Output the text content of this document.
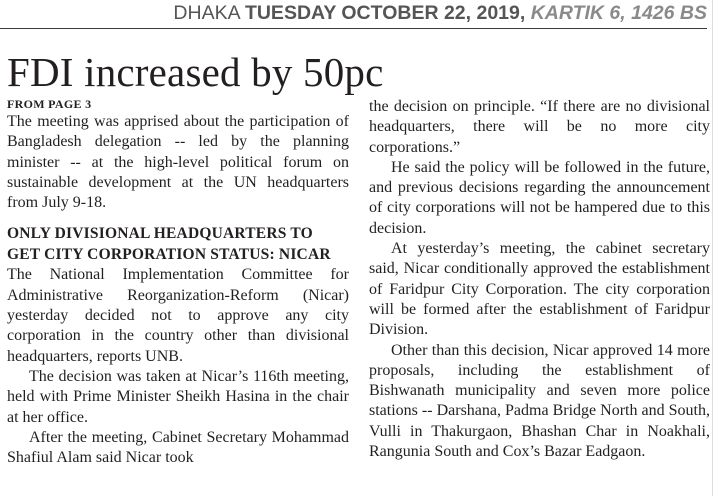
DHAKA TUESDAY OCTOBER 22, 2019, KARTIK 6, 1426 BS
FDI increased by 50pc
FROM PAGE 3

The meeting was apprised about the participation of Bangladesh delegation -- led by the planning minister -- at the high-level political forum on sustainable development at the UN headquarters from July 9-18.

ONLY DIVISIONAL HEADQUARTERS TO GET CITY CORPORATION STATUS: NICAR

The National Implementation Committee for Administrative Reorganization-Reform (Nicar) yesterday decided not to approve any city corporation in the country other than divisional headquarters, reports UNB.

The decision was taken at Nicar’s 116th meeting, held with Prime Minister Sheikh Hasina in the chair at her office.

After the meeting, Cabinet Secretary Mohammad Shafiul Alam said Nicar took

the decision on principle. “If there are no divisional headquarters, there will be no more city corporations.”

He said the policy will be followed in the future, and previous decisions regarding the announcement of city corporations will not be hampered due to this decision.

At yesterday’s meeting, the cabinet secretary said, Nicar conditionally approved the establishment of Faridpur City Corporation. The city corporation will be formed after the establishment of Faridpur Division.

Other than this decision, Nicar approved 14 more proposals, including the establishment of Bishwanath municipality and seven more police stations -- Darshana, Padma Bridge North and South, Vulli in Thakurgaon, Bhashan Char in Noakhali, Rangunia South and Cox’s Bazar Eadgaon.
